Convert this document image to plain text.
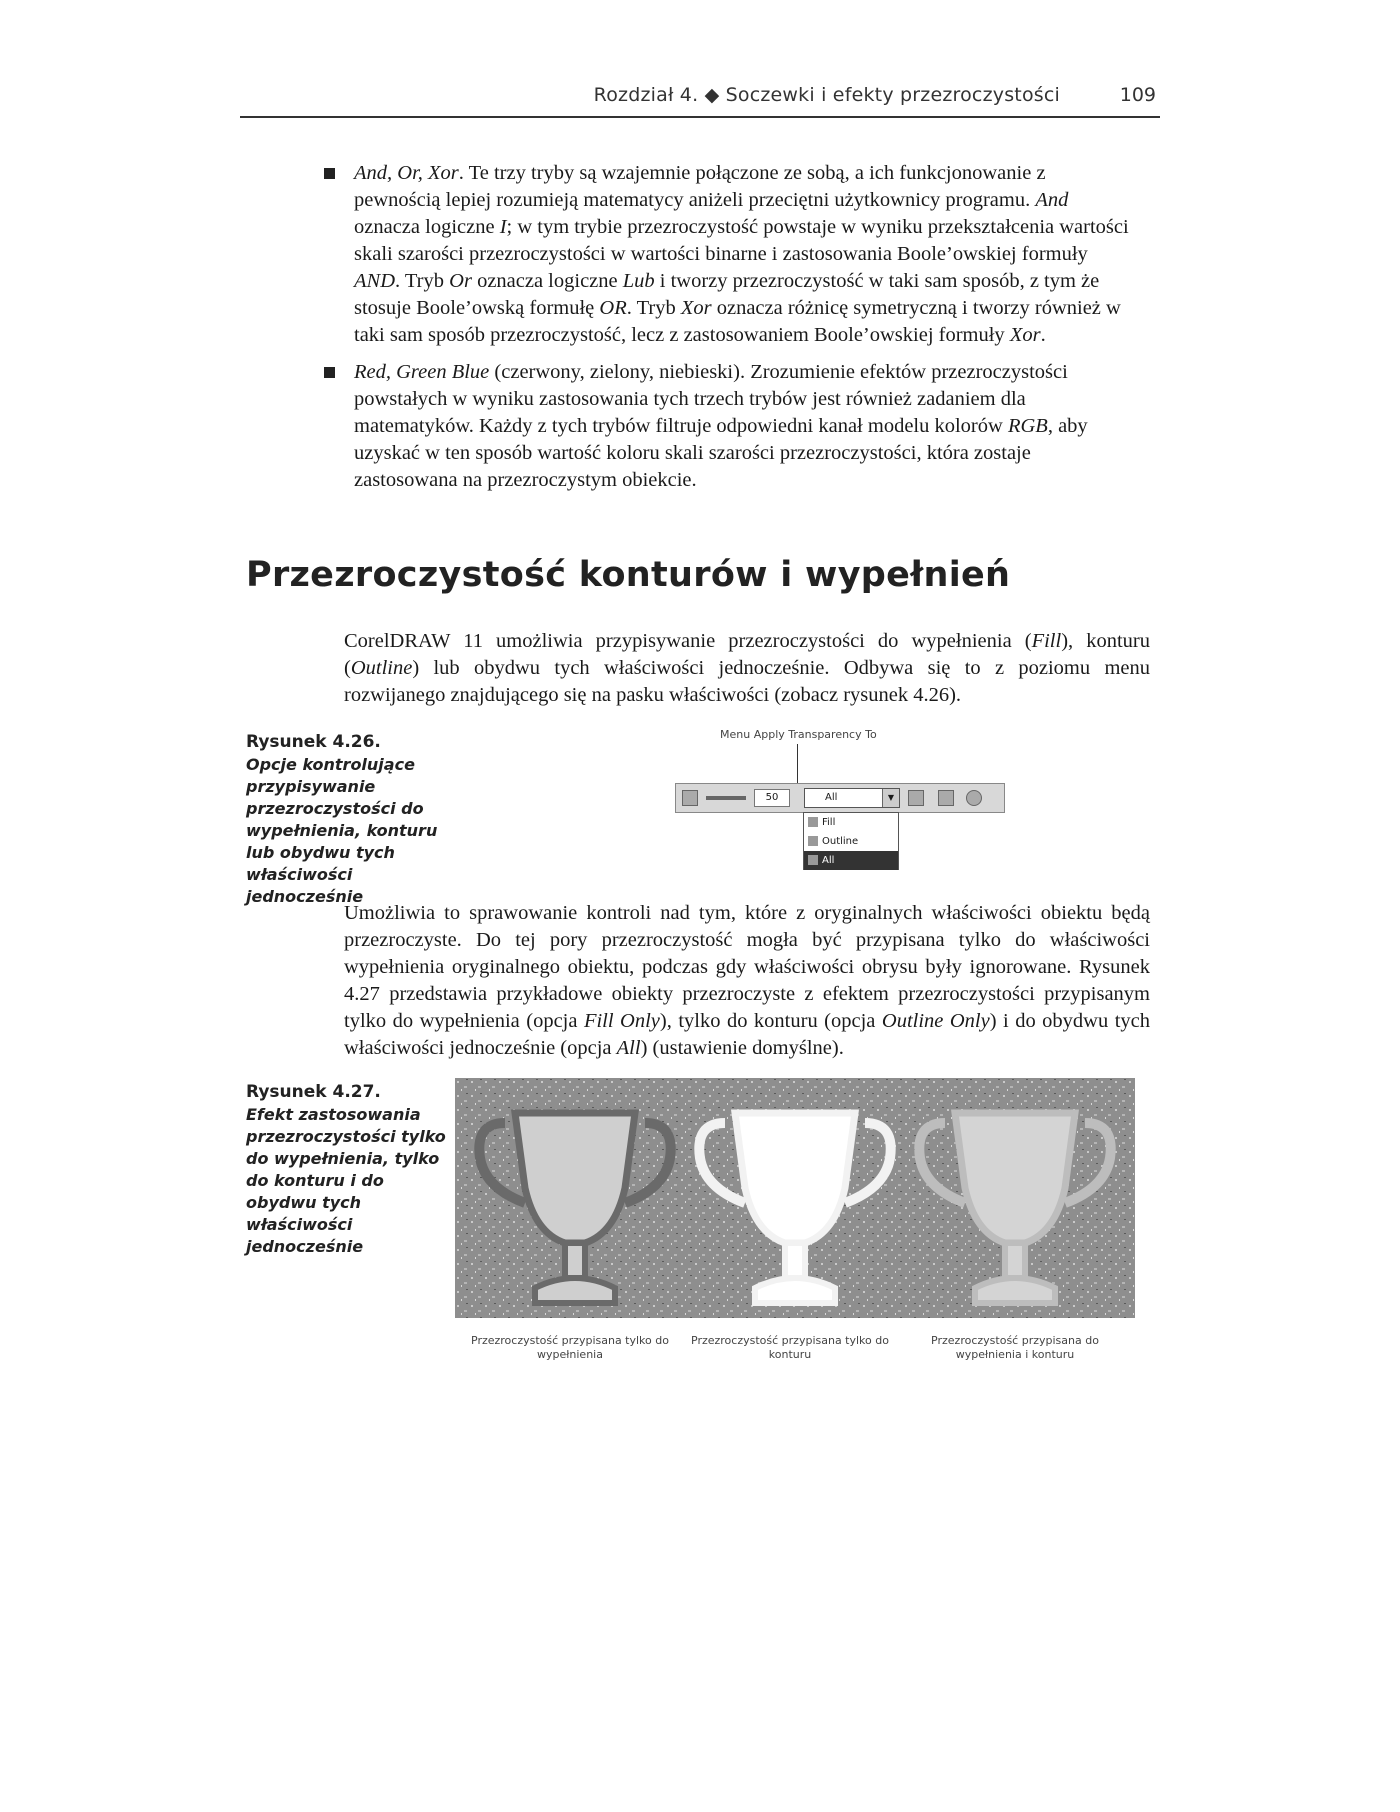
Rozdział 4. ◆ Soczewki i efekty przezroczystości	109
And, Or, Xor. Te trzy tryby są wzajemnie połączone ze sobą, a ich funkcjonowanie z pewnością lepiej rozumieją matematycy aniżeli przeciętni użytkownicy programu. And oznacza logiczne I; w tym trybie przezroczystość powstaje w wyniku przekształcenia wartości skali szarości przezroczystości w wartości binarne i zastosowania Boole’owskiej formuły AND. Tryb Or oznacza logiczne Lub i tworzy przezroczystość w taki sam sposób, z tym że stosuje Boole’owską formułę OR. Tryb Xor oznacza różnicę symetryczną i tworzy również w taki sam sposób przezroczystość, lecz z zastosowaniem Boole’owskiej formuły Xor.
Red, Green Blue (czerwony, zielony, niebieski). Zrozumienie efektów przezroczystości powstałych w wyniku zastosowania tych trzech trybów jest również zadaniem dla matematyków. Każdy z tych trybów filtruje odpowiedni kanał modelu kolorów RGB, aby uzyskać w ten sposób wartość koloru skali szarości przezroczystości, która zostaje zastosowana na przezroczystym obiekcie.
Przezroczystość konturów i wypełnień

CorelDRAW 11 umożliwia przypisywanie przezroczystości do wypełnienia (Fill), konturu (Outline) lub obydwu tych właściwości jednocześnie. Odbywa się to z poziomu menu rozwijanego znajdującego się na pasku właściwości (zobacz rysunek 4.26).

Rysunek 4.26.
Opcje kontrolujące przypisywanie przezroczystości do wypełnienia, konturu lub obydwu tych właściwości jednocześnie
Menu Apply Transparency To
50	All	▼
Fill
Outline
All

Umożliwia to sprawowanie kontroli nad tym, które z oryginalnych właściwości obiektu będą przezroczyste. Do tej pory przezroczystość mogła być przypisana tylko do właściwości wypełnienia oryginalnego obiektu, podczas gdy właściwości obrysu były ignorowane. Rysunek 4.27 przedstawia przykładowe obiekty przezroczyste z efektem przezroczystości przypisanym tylko do wypełnienia (opcja Fill Only), tylko do konturu (opcja Outline Only) i do obydwu tych właściwości jednocześnie (opcja All) (ustawienie domyślne).

Rysunek 4.27.
Efekt zastosowania przezroczystości tylko do wypełnienia, tylko do konturu i do obydwu tych właściwości jednocześnie
Przezroczystość przypisana tylko do wypełnienia
Przezroczystość przypisana tylko do konturu
Przezroczystość przypisana do wypełnienia i konturu
